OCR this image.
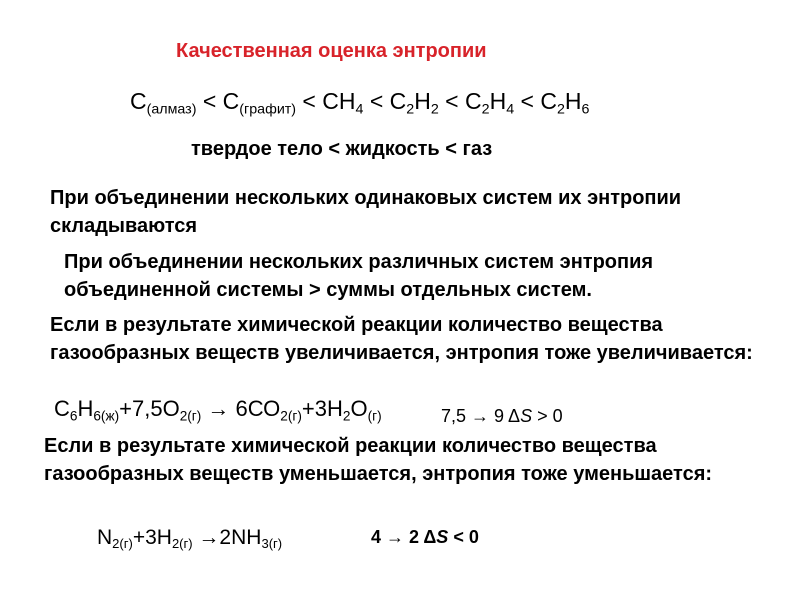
Качественная оценка энтропии
$С_{(алмаз)} < С_{(графит)} < СН_4 < С_2Н_2 < С_2Н_4 < С_2Н_6$
твердое тело < жидкость < газ
При объединении нескольких одинаковых систем их энтропии складываются
При объединении нескольких различных систем энтропия объединенной системы > суммы отдельных систем.
Если в результате химической реакции количество вещества газообразных веществ увеличивается, энтропия тоже увеличивается:
$С_6Н_{6(ж)}+7,5О_{2(г)} \to 6СО_{2(г)}+3Н_2О_{(г)}$	7,5 → 9 ΔS > 0
Если в результате химической реакции количество вещества газообразных веществ уменьшается, энтропия тоже уменьшается:
$N_{2(г)}+3Н_{2(г)} \to 2NН_{3(г)}$	4 → 2 ΔS < 0
